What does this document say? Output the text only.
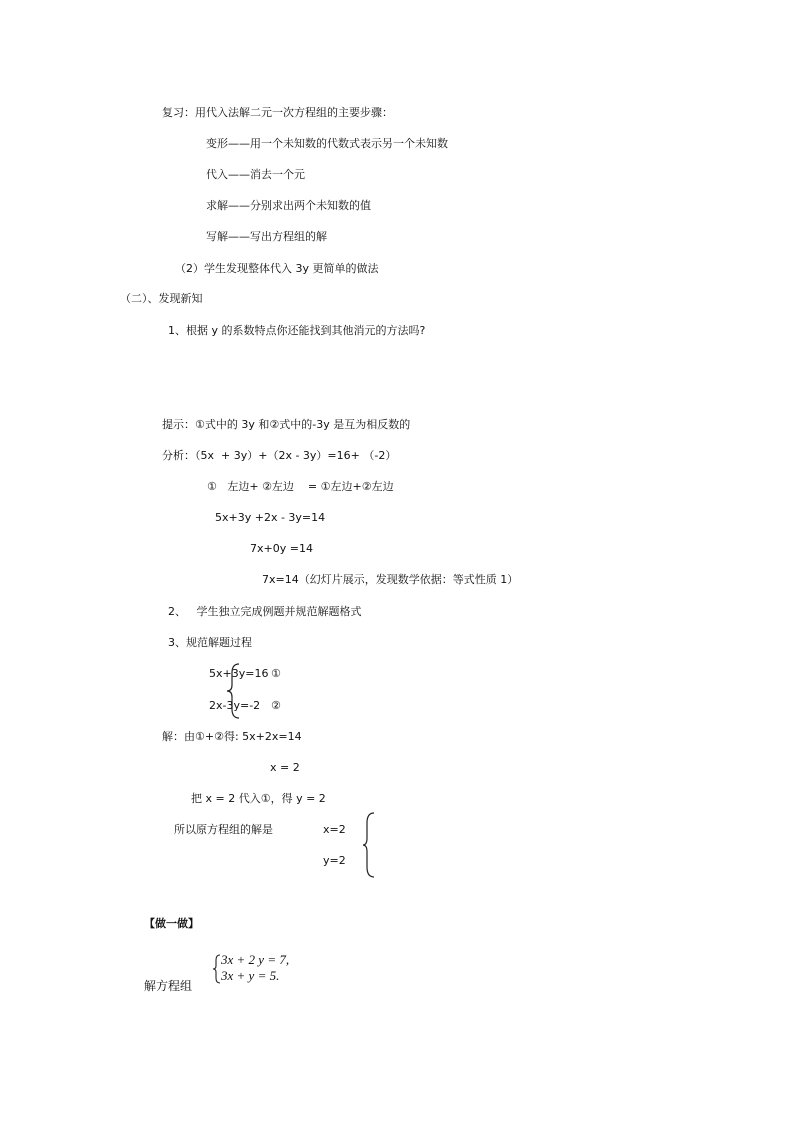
复习：用代入法解二元一次方程组的主要步骤：
变形——用一个未知数的代数式表示另一个未知数
代入——消去一个元
求解——分别求出两个未知数的值
写解——写出方程组的解
（2）学生发现整体代入 3y 更简单的做法
（二）、发现新知
1、根据 y 的系数特点你还能找到其他消元的方法吗?
提示：①式中的 3y 和②式中的-3y 是互为相反数的
分析：（5x  + 3y）+（2x - 3y）=16+ （-2）
①   左边+ ②左边    = ①左边+②左边
5x+3y +2x - 3y=14
7x+0y =14
7x=14（幻灯片展示，发现数学依据：等式性质 1）
2、   学生独立完成例题并规范解题格式
3、规范解题过程
5x+3y=16 ①
2x-3y=-2 ②
解：由①+②得: 5x+2x=14
x = 2
把 x = 2 代入①，得 y = 2
所以原方程组的解是	x=2
y=2
【做一做】
3x + 2 y = 7,
3x + y = 5.
解方程组
